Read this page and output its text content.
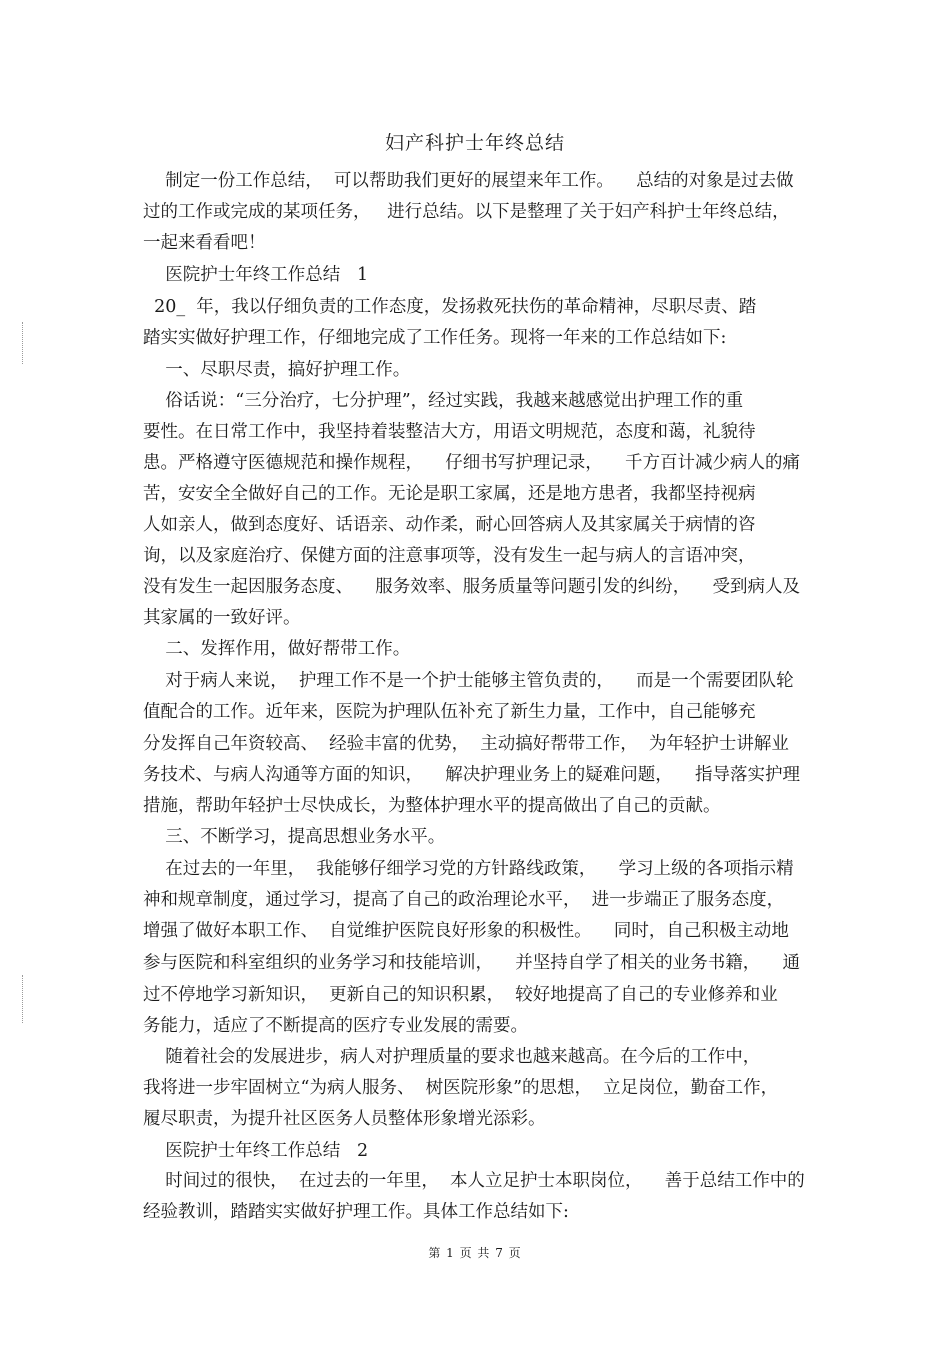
妇产科护士年终总结
制定一份工作总结，  可以帮助我们更好的展望来年工作。    总结的对象是过去做
过的工作或完成的某项任务，   进行总结。以下是整理了关于妇产科护士年终总结，
一起来看看吧！
医院护士年终工作总结   1
20_  年，我以仔细负责的工作态度，发扬救死扶伤的革命精神，尽职尽责、踏
踏实实做好护理工作，仔细地完成了工作任务。现将一年来的工作总结如下:
一、尽职尽责，搞好护理工作。
俗话说：“三分治疗，七分护理”，经过实践，我越来越感觉出护理工作的重
要性。在日常工作中，我坚持着装整洁大方，用语文明规范，态度和蔼，礼貌待
患。严格遵守医德规范和操作规程，    仔细书写护理记录，    千方百计减少病人的痛
苦，安安全全做好自己的工作。无论是职工家属，还是地方患者，我都坚持视病
人如亲人，做到态度好、话语亲、动作柔，耐心回答病人及其家属关于病情的咨
询，以及家庭治疗、保健方面的注意事项等，没有发生一起与病人的言语冲突，
没有发生一起因服务态度、    服务效率、服务质量等问题引发的纠纷，    受到病人及
其家属的一致好评。
二、发挥作用，做好帮带工作。
对于病人来说，  护理工作不是一个护士能够主管负责的，    而是一个需要团队轮
值配合的工作。近年来，医院为护理队伍补充了新生力量，工作中，自己能够充
分发挥自己年资较高、  经验丰富的优势，  主动搞好帮带工作，  为年轻护士讲解业
务技术、与病人沟通等方面的知识，    解决护理业务上的疑难问题，    指导落实护理
措施，帮助年轻护士尽快成长，为整体护理水平的提高做出了自己的贡献。
三、不断学习，提高思想业务水平。
在过去的一年里，  我能够仔细学习党的方针路线政策，    学习上级的各项指示精
神和规章制度，通过学习，提高了自己的政治理论水平，  进一步端正了服务态度，
增强了做好本职工作、  自觉维护医院良好形象的积极性。    同时，自己积极主动地
参与医院和科室组织的业务学习和技能培训，    并坚持自学了相关的业务书籍，    通
过不停地学习新知识，  更新自己的知识积累，  较好地提高了自己的专业修养和业
务能力，适应了不断提高的医疗专业发展的需要。
随着社会的发展进步，病人对护理质量的要求也越来越高。在今后的工作中，
我将进一步牢固树立“为病人服务、  树医院形象”的思想，  立足岗位，勤奋工作，
履尽职责，为提升社区医务人员整体形象增光添彩。
医院护士年终工作总结   2
时间过的很快，  在过去的一年里，  本人立足护士本职岗位，    善于总结工作中的
经验教训，踏踏实实做好护理工作。具体工作总结如下:
第 1 页 共 7 页
